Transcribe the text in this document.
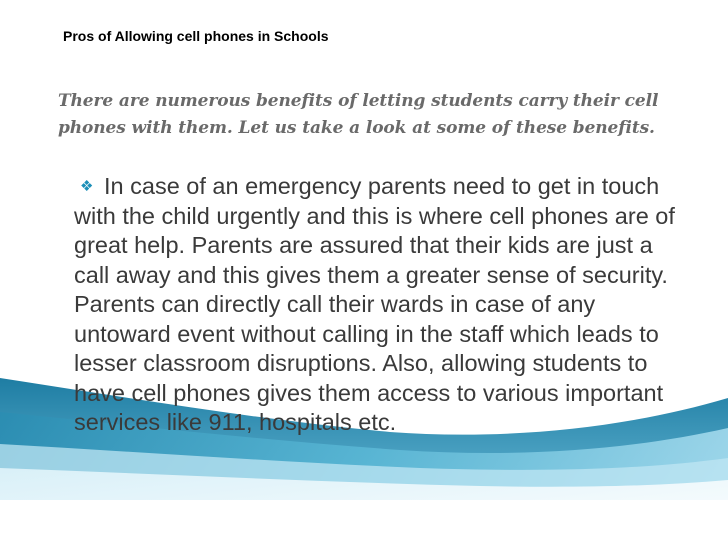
Pros of Allowing cell phones in Schools

There are numerous benefits of letting students carry their cell phones with them. Let us take a look at some of these benefits.

❖ In case of an emergency parents need to get in touch with the child urgently and this is where cell phones are of great help. Parents are assured that their kids are just a call away and this gives them a greater sense of security. Parents can directly call their wards in case of any untoward event without calling in the staff which leads to lesser classroom disruptions. Also, allowing students to have cell phones gives them access to various important services like 911, hospitals etc.
